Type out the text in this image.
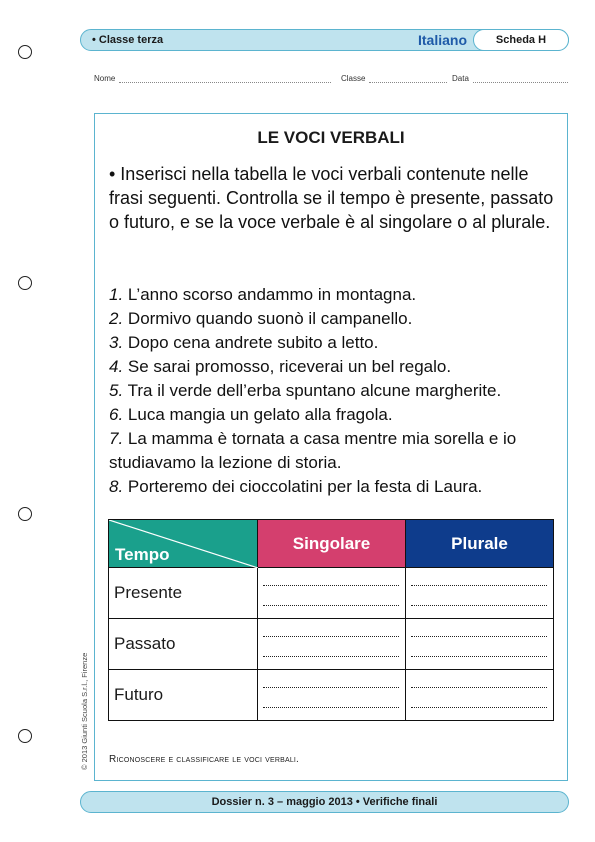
• Classe terza	Italiano	Scheda H
Nome	Classe	Data
LE VOCI VERBALI
• Inserisci nella tabella le voci verbali contenute nelle frasi seguenti. Controlla se il tempo è presente, passato o futuro, e se la voce verbale è al singolare o al plurale.
1. L’anno scorso andammo in montagna.
2. Dormivo quando suonò il campanello.
3. Dopo cena andrete subito a letto.
4. Se sarai promosso, riceverai un bel regalo.
5. Tra il verde dell’erba spuntano alcune margherite.
6. Luca mangia un gelato alla fragola.
7. La mamma è tornata a casa mentre mia sorella e io studiavamo la lezione di storia.
8. Porteremo dei cioccolatini per la festa di Laura.
Riconoscere e classificare le voci verbali.
Tempo	Singolare	Plurale
Presente	

Passato	

Futuro	

© 2013 Giunti Scuola S.r.l., Firenze
Dossier n. 3 – maggio 2013 • Verifiche finali
